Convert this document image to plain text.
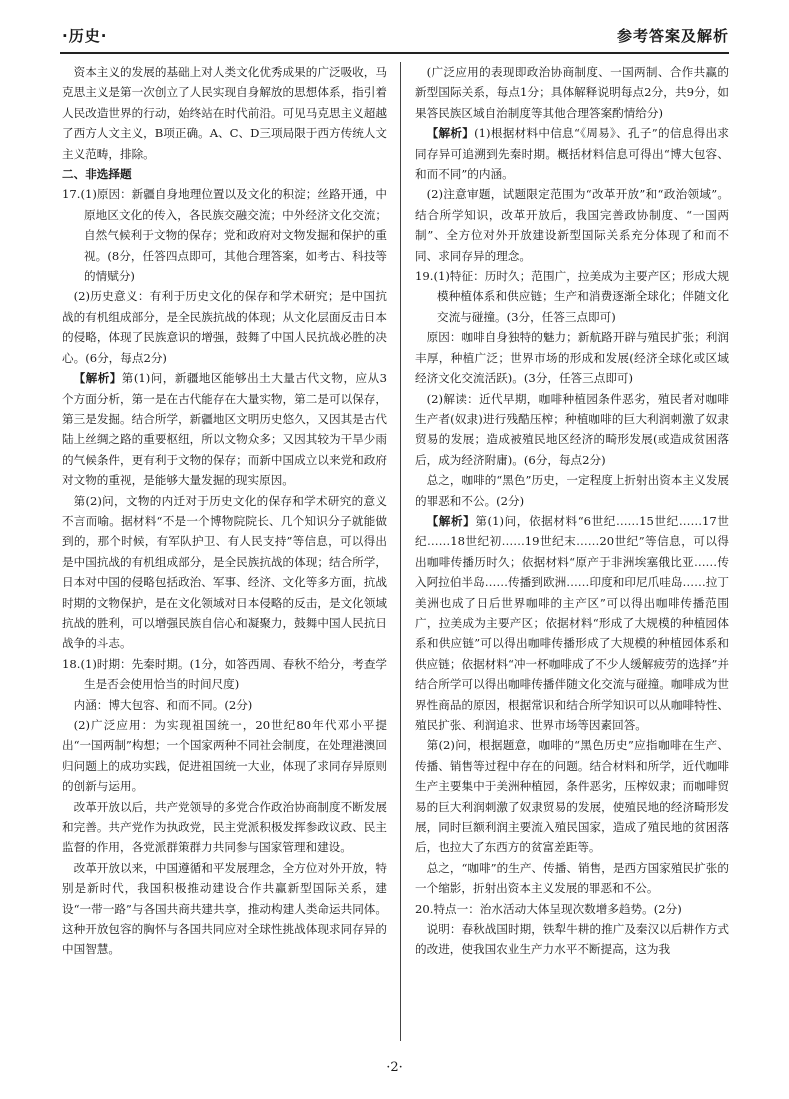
·历史·	参考答案及解析

资本主义的发展的基础上对人类文化优秀成果的广泛吸收，马克思主义是第一次创立了人民实现自身解放的思想体系，指引着人民改造世界的行动，始终站在时代前沿。可见马克思主义超越了西方人文主义，B项正确。A、C、D三项局限于西方传统人文主义范畴，排除。

二、非选择题

17.(1)原因：新疆自身地理位置以及文化的积淀；丝路开通，中原地区文化的传入，各民族交融交流；中外经济文化交流；自然气候利于文物的保存；党和政府对文物发掘和保护的重视。(8分，任答四点即可，其他合理答案，如考古、科技等的情赋分)

(2)历史意义：有利于历史文化的保存和学术研究；是中国抗战的有机组成部分，是全民族抗战的体现；从文化层面反击日本的侵略，体现了民族意识的增强，鼓舞了中国人民抗战必胜的决心。(6分，每点2分)

【解析】第(1)问，新疆地区能够出土大量古代文物，应从3个方面分析，第一是在古代能存在大量实物，第二是可以保存，第三是发掘。结合所学，新疆地区文明历史悠久，又因其是古代陆上丝绸之路的重要枢纽，所以文物众多；又因其较为干旱少雨的气候条件，更有利于文物的保存；而新中国成立以来党和政府对文物的重视，是能够大量发掘的现实原因。

第(2)问，文物的内迁对于历史文化的保存和学术研究的意义不言而喻。据材料“不是一个博物院院长、几个知识分子就能做到的，那个时候，有军队护卫、有人民支持”等信息，可以得出是中国抗战的有机组成部分，是全民族抗战的体现；结合所学，日本对中国的侵略包括政治、军事、经济、文化等多方面，抗战时期的文物保护，是在文化领域对日本侵略的反击，是文化领域抗战的胜利，可以增强民族自信心和凝聚力，鼓舞中国人民抗日战争的斗志。

18.(1)时期：先秦时期。(1分，如答西周、春秋不给分，考查学生是否会使用恰当的时间尺度)

内涵：博大包容、和而不同。(2分)

(2)广泛应用：为实现祖国统一，20世纪80年代邓小平提出“一国两制”构想；一个国家两种不同社会制度，在处理港澳回归问题上的成功实践，促进祖国统一大业，体现了求同存异原则的创新与运用。

改革开放以后，共产党领导的多党合作政治协商制度不断发展和完善。共产党作为执政党，民主党派积极发挥参政议政、民主监督的作用，各党派群策群力共同参与国家管理和建设。

改革开放以来，中国遵循和平发展理念，全方位对外开放，特别是新时代，我国积极推动建设合作共赢新型国际关系，建设“一带一路”与各国共商共建共享，推动构建人类命运共同体。这种开放包容的胸怀与各国共同应对全球性挑战体现求同存异的中国智慧。

(广泛应用的表现即政治协商制度、一国两制、合作共赢的新型国际关系，每点1分；具体解释说明每点2分，共9分，如果答民族区域自治制度等其他合理答案酌情给分)

【解析】(1)根据材料中信息“《周易》、孔子”的信息得出求同存异可追溯到先秦时期。概括材料信息可得出“博大包容、和而不同”的内涵。

(2)注意审题，试题限定范围为“改革开放”和“政治领域”。结合所学知识，改革开放后，我国完善政协制度、“一国两制”、全方位对外开放建设新型国际关系充分体现了和而不同、求同存异的理念。

19.(1)特征：历时久；范围广，拉美成为主要产区；形成大规模种植体系和供应链；生产和消费逐渐全球化；伴随文化交流与碰撞。(3分，任答三点即可)

原因：咖啡自身独特的魅力；新航路开辟与殖民扩张；利润丰厚，种植广泛；世界市场的形成和发展(经济全球化或区域经济文化交流活跃)。(3分，任答三点即可)

(2)解读：近代早期，咖啡种植园条件恶劣，殖民者对咖啡生产者(奴隶)进行残酷压榨；种植咖啡的巨大利润刺激了奴隶贸易的发展；造成被殖民地区经济的畸形发展(或造成贫困落后，成为经济附庸)。(6分，每点2分)

总之，咖啡的“黑色”历史，一定程度上折射出资本主义发展的罪恶和不公。(2分)

【解析】第(1)问，依据材料“6世纪……15世纪……17世纪……18世纪初……19世纪末……20世纪”等信息，可以得出咖啡传播历时久；依据材料“原产于非洲埃塞俄比亚……传入阿拉伯半岛……传播到欧洲……印度和印尼爪哇岛……拉丁美洲也成了日后世界咖啡的主产区”可以得出咖啡传播范围广，拉美成为主要产区；依据材料“形成了大规模的种植园体系和供应链”可以得出咖啡传播形成了大规模的种植园体系和供应链；依据材料“冲一杯咖啡成了不少人缓解疲劳的选择”并结合所学可以得出咖啡传播伴随文化交流与碰撞。咖啡成为世界性商品的原因，根据常识和结合所学知识可以从咖啡特性、殖民扩张、利润追求、世界市场等因素回答。

第(2)问，根据题意，咖啡的“黑色历史”应指咖啡在生产、传播、销售等过程中存在的问题。结合材料和所学，近代咖啡生产主要集中于美洲种植园，条件恶劣，压榨奴隶；而咖啡贸易的巨大利润刺激了奴隶贸易的发展，使殖民地的经济畸形发展，同时巨额利润主要流入殖民国家，造成了殖民地的贫困落后，也拉大了东西方的贫富差距等。

总之，“咖啡”的生产、传播、销售，是西方国家殖民扩张的一个缩影，折射出资本主义发展的罪恶和不公。

20.特点一：治水活动大体呈现次数增多趋势。(2分)

说明：春秋战国时期，铁犁牛耕的推广及秦汉以后耕作方式的改进，使我国农业生产力水平不断提高，这为我

·2·
